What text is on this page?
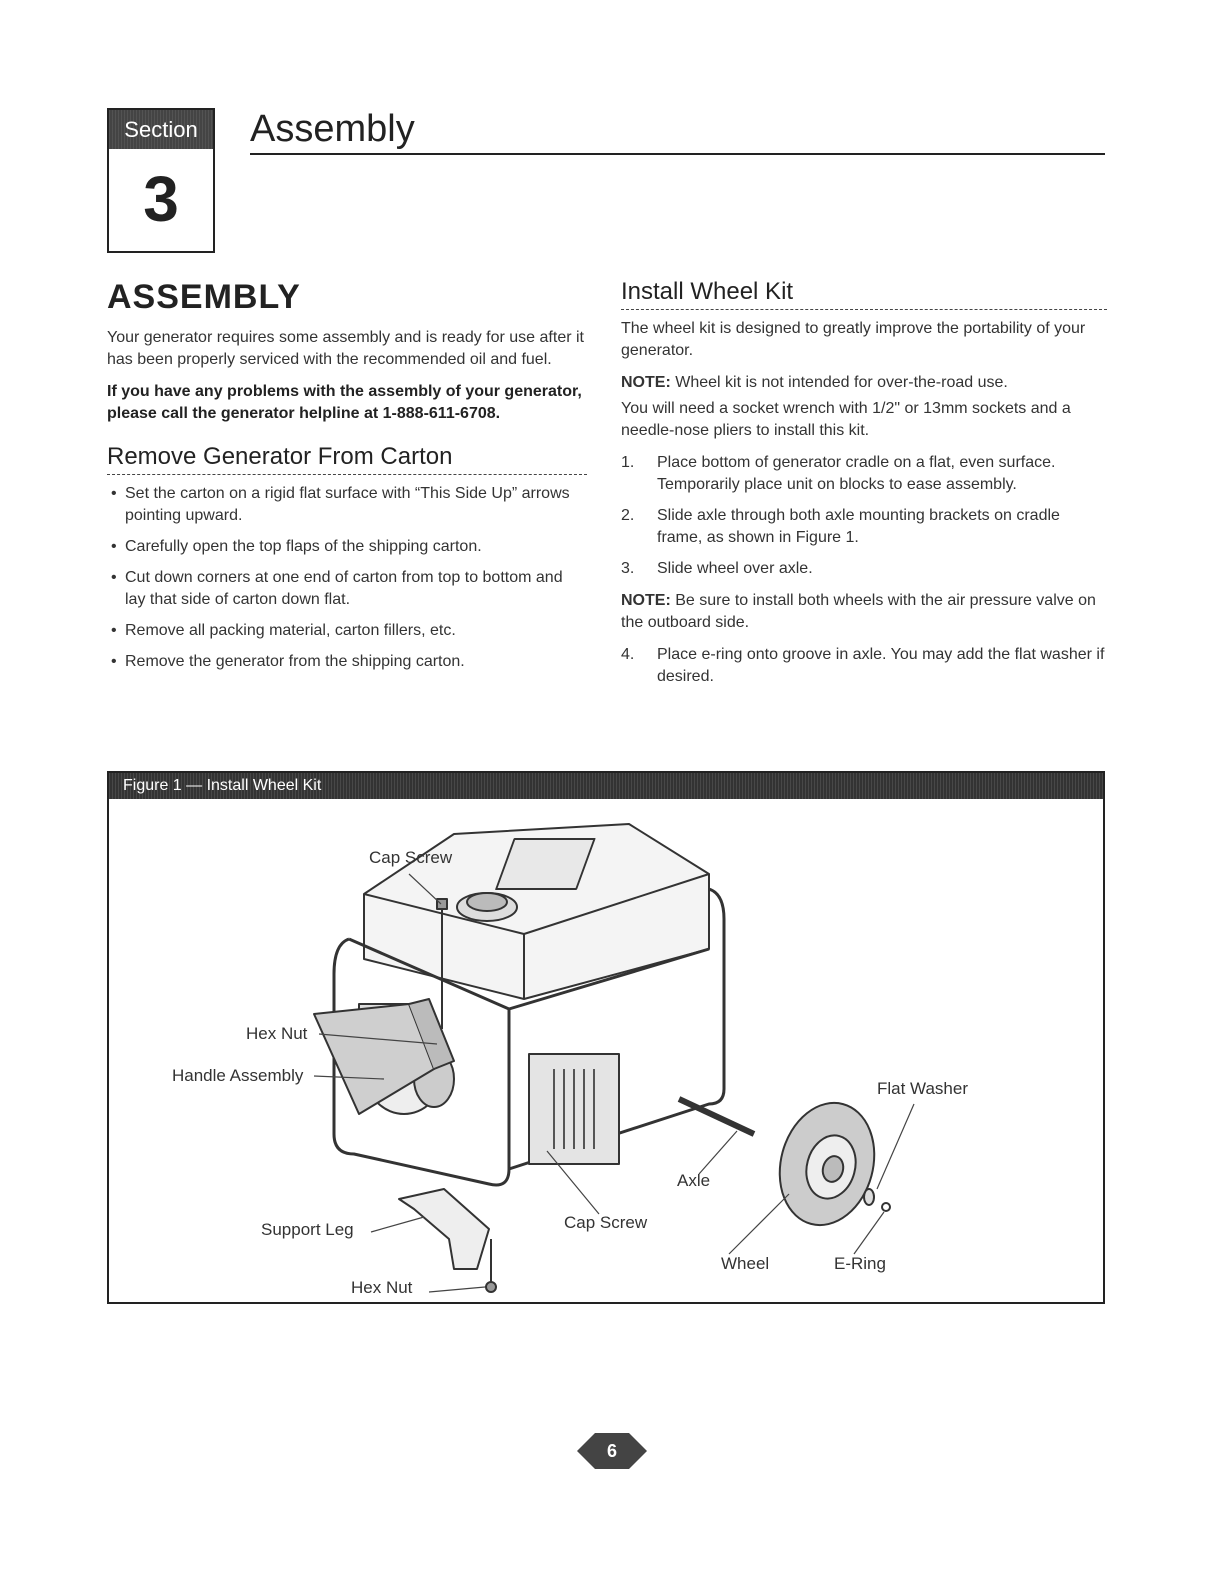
Section
3
Assembly
ASSEMBLY

Your generator requires some assembly and is ready for use after it has been properly serviced with the recommended oil and fuel.

If you have any problems with the assembly of your generator, please call the generator helpline at 1-888-611-6708.

Remove Generator From Carton
• Set the carton on a rigid flat surface with “This Side Up” arrows pointing upward.
• Carefully open the top flaps of the shipping carton.
• Cut down corners at one end of carton from top to bottom and lay that side of carton down flat.
• Remove all packing material, carton fillers, etc.
• Remove the generator from the shipping carton.
Install Wheel Kit

The wheel kit is designed to greatly improve the portability of your generator.

NOTE: Wheel kit is not intended for over-the-road use.

You will need a socket wrench with 1/2" or 13mm sockets and a needle-nose pliers to install this kit.

1. Place bottom of generator cradle on a flat, even surface. Temporarily place unit on blocks to ease assembly.
2. Slide axle through both axle mounting brackets on cradle frame, as shown in Figure 1.
3. Slide wheel over axle.

NOTE: Be sure to install both wheels with the air pressure valve on the outboard side.

4. Place e-ring onto groove in axle. You may add the flat washer if desired.
Figure 1 — Install Wheel Kit
Cap Screw
Hex Nut
Handle Assembly
Support Leg
Hex Nut
Cap Screw
Axle
Flat Washer
Wheel	E-Ring
6
